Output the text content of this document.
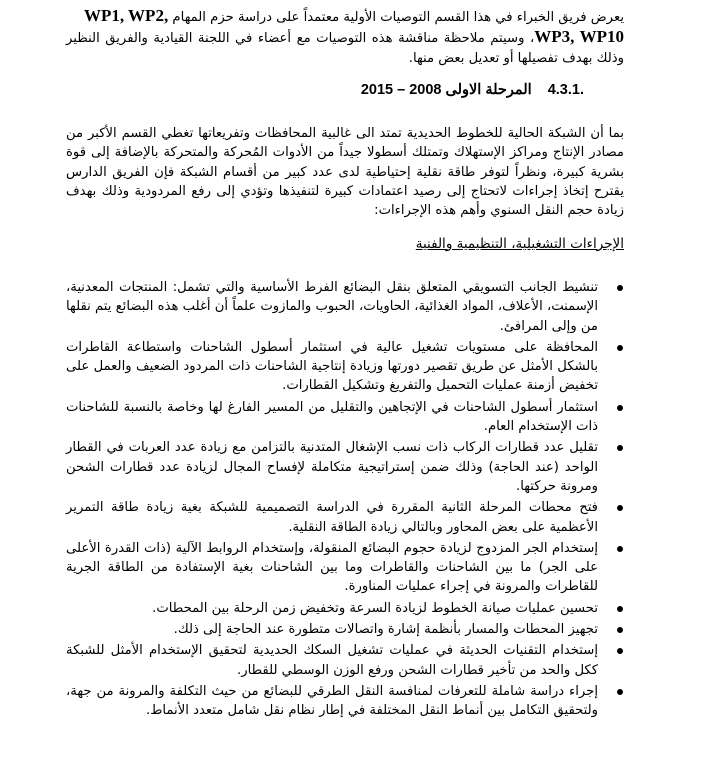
يعرض فريق الخبراء في هذا القسم التوصيات الأولية معتمداً على دراسة حزم المهام WP1, WP2,
WP3, WP10، وسيتم ملاحظة مناقشة هذه التوصيات مع أعضاء في اللجنة القيادية والفريق النظير وذلك بهدف تفصيلها أو تعديل بعض منها.

4.3.1.المرحلة الاولى 2008 – 2015

بما أن الشبكة الحالية للخطوط الحديدية تمتد الى غالبية المحافظات وتفريعاتها تغطي القسم الأكبر من مصادر الإنتاج ومراكز الإستهلاك وتمتلك أسطولا جيداً من الأدوات المُحركة والمتحركة بالإضافة إلى قوة بشرية كبيرة، ونظراً لتوفر طاقة نقلية إحتياطية لدى عدد كبير من أقسام الشبكة فإن الفريق الدارس يقترح إتخاذ إجراءات لاتحتاج إلى رصيد اعتمادات كبيرة لتنفيذها وتؤدي إلى رفع المردودية وذلك بهدف زيادة حجم النقل السنوي وأهم هذه الإجراءات:

الإجراءات التشغيلية، التنظيمية والفنية

تنشيط الجانب التسويقي المتعلق بنقل البضائع الفرط الأساسية والتي تشمل: المنتجات المعدنية، الإسمنت، الأعلاف، المواد الغذائية، الحاويات، الحبوب والمازوت علماً أن أغلب هذه البضائع يتم نقلها من وإلى المرافئ.
المحافظة على مستويات تشغيل عالية في استثمار أسطول الشاحنات واستطاعة القاطرات بالشكل الأمثل عن طريق تقصير دورتها وزيادة إنتاجية الشاحنات ذات المردود الضعيف والعمل على تخفيض أزمنة عمليات التحميل والتفريغ وتشكيل القطارات.
استثمار أسطول الشاحنات في الإتجاهين والتقليل من المسير الفارغ لها وخاصة بالنسبة للشاحنات ذات الإستخدام العام.
تقليل عدد قطارات الركاب ذات نسب الإشغال المتدنية بالتزامن مع زيادة عدد العربات في القطار الواحد (عند الحاجة) وذلك ضمن إستراتيجية متكاملة لإفساح المجال لزيادة عدد قطارات الشحن ومرونة حركتها.
فتح محطات المرحلة الثانية المقررة في الدراسة التصميمية للشبكة بغية زيادة طاقة التمرير الأعظمية على بعض المحاور وبالتالي زيادة الطاقة النقلية.
إستخدام الجر المزدوج لزيادة حجوم البضائع المنقولة، وإستخدام الروابط الآلية (ذات القدرة الأعلى على الجر) ما بين الشاحنات والقاطرات وما بين الشاحنات بغية الإستفادة من الطاقة الجرية للقاطرات والمرونة في إجراء عمليات المناورة.
تحسين عمليات صيانة الخطوط لزيادة السرعة وتخفيض زمن الرحلة بين المحطات.
تجهيز المحطات والمسار بأنظمة إشارة واتصالات متطورة عند الحاجة إلى ذلك.
إستخدام التقنيات الحديثة في عمليات تشغيل السكك الحديدية لتحقيق الإستخدام الأمثل للشبكة ككل والحد من تأخير قطارات الشحن ورفع الوزن الوسطي للقطار.
إجراء دراسة شاملة للتعرفات لمنافسة النقل الطرقي للبضائع من حيث التكلفة والمرونة من جهة، ولتحقيق التكامل بين أنماط النقل المختلفة في إطار نظام نقل شامل متعدد الأنماط.
